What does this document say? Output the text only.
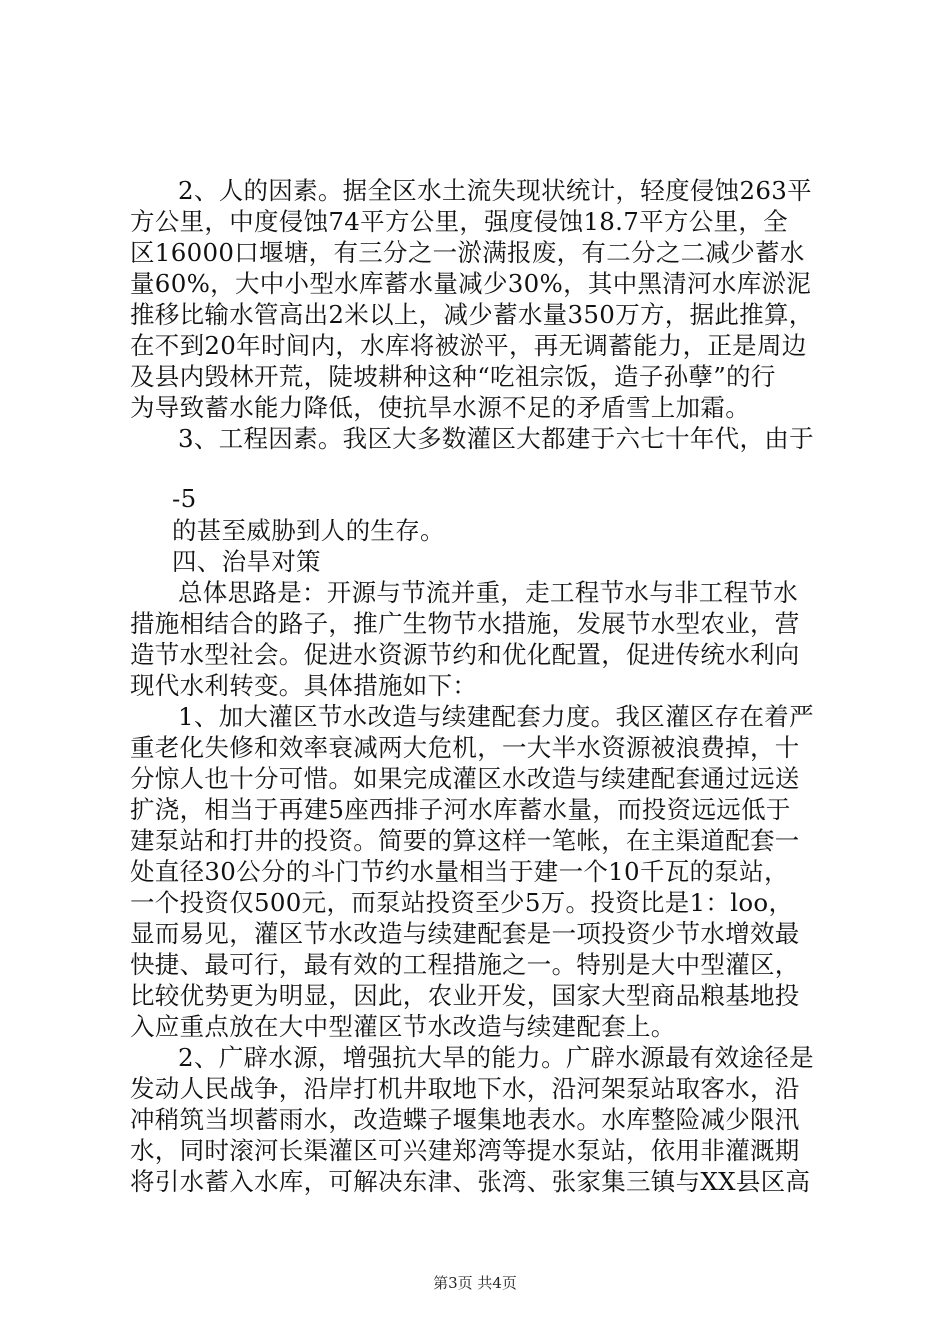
2、人的因素。据全区水土流失现状统计，轻度侵蚀263平
方公里，中度侵蚀74平方公里，强度侵蚀18.7平方公里，全
区16000口堰塘，有三分之一淤满报废，有二分之二减少蓄水
量60%，大中小型水库蓄水量减少30%，其中黑清河水库淤泥
推移比输水管高出2米以上，减少蓄水量350万方，据此推算，
在不到20年时间内，水库将被淤平，再无调蓄能力，正是周边
及县内毁林开荒，陡坡耕种这种“吃祖宗饭，造子孙孽”的行
为导致蓄水能力降低，使抗旱水源不足的矛盾雪上加霜。
3、工程因素。我区大多数灌区大都建于六七十年代，由于
-5
的甚至威胁到人的生存。
四、治旱对策
总体思路是：开源与节流并重，走工程节水与非工程节水
措施相结合的路子，推广生物节水措施，发展节水型农业，营
造节水型社会。促进水资源节约和优化配置，促进传统水利向
现代水利转变。具体措施如下：
1、加大灌区节水改造与续建配套力度。我区灌区存在着严
重老化失修和效率衰减两大危机，一大半水资源被浪费掉，十
分惊人也十分可惜。如果完成灌区水改造与续建配套通过远送
扩浇，相当于再建5座西排子河水库蓄水量，而投资远远低于
建泵站和打井的投资。简要的算这样一笔帐，在主渠道配套一
处直径30公分的斗门节约水量相当于建一个10千瓦的泵站，
一个投资仅500元，而泵站投资至少5万。投资比是1：loo，
显而易见，灌区节水改造与续建配套是一项投资少节水增效最
快捷、最可行，最有效的工程措施之一。特别是大中型灌区，
比较优势更为明显，因此，农业开发，国家大型商品粮基地投
入应重点放在大中型灌区节水改造与续建配套上。
2、广辟水源，增强抗大旱的能力。广辟水源最有效途径是
发动人民战争，沿岸打机井取地下水，沿河架泵站取客水，沿
冲稍筑当坝蓄雨水，改造蝶子堰集地表水。水库整险减少限汛
水，同时滚河长渠灌区可兴建郑湾等提水泵站，依用非灌溉期
将引水蓄入水库，可解决东津、张湾、张家集三镇与XX县区高
第3页 共4页
